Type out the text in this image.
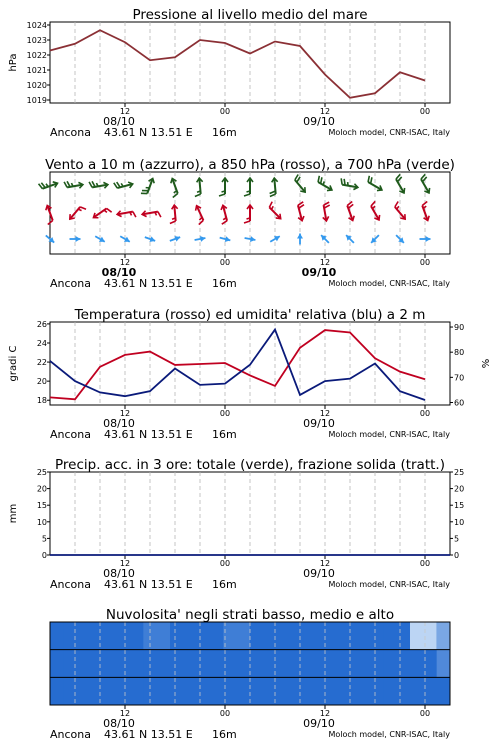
Pressione al livello medio del mare
12	00	12	00
08/10	09/10
Ancona 43.61 N 13.51 E 16m	Moloch model, CNR-ISAC, Italy
1019
1020
1021
1022
1023
1024
hPa
Vento a 10 m (azzurro), a 850 hPa (rosso), a 700 hPa (verde)
12	00	12	00
08/10	09/10
Ancona 43.61 N 13.51 E 16m	Moloch model, CNR-ISAC, Italy
Temperatura (rosso) ed umidita' relativa (blu) a 2 m
12	00	12	00
08/10	09/10
Ancona 43.61 N 13.51 E 16m	Moloch model, CNR-ISAC, Italy
18
20
22
24
26
60
70
80
90
gradi C	%
Precip. acc. in 3 ore: totale (verde), frazione solida (tratt.)
12	00	12	00
08/10	09/10
Ancona 43.61 N 13.51 E 16m	Moloch model, CNR-ISAC, Italy
0
5
10
15
20
25
0
5
10
15
20
25
mm
Nuvolosita' negli strati basso, medio e alto
12	00	12	00
08/10	09/10
Ancona 43.61 N 13.51 E 16m	Moloch model, CNR-ISAC, Italy
